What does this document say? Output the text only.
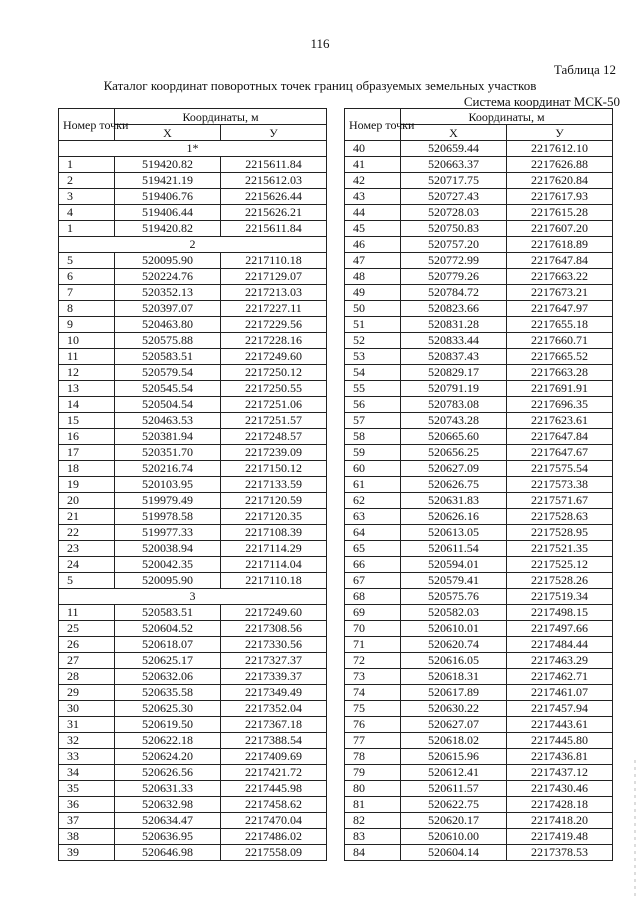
116
Таблица 12
Каталог координат поворотных точек границ образуемых земельных участков
Система координат МСК-50
Номер точки	Координаты, м	
	X	У
1*		
1	519420.82	2215611.84
2	519421.19	2215612.03
3	519406.76	2215626.44
4	519406.44	2215626.21
1	519420.82	2215611.84
2		
5	520095.90	2217110.18
6	520224.76	2217129.07
7	520352.13	2217213.03
8	520397.07	2217227.11
9	520463.80	2217229.56
10	520575.88	2217228.16
11	520583.51	2217249.60
12	520579.54	2217250.12
13	520545.54	2217250.55
14	520504.54	2217251.06
15	520463.53	2217251.57
16	520381.94	2217248.57
17	520351.70	2217239.09
18	520216.74	2217150.12
19	520103.95	2217133.59
20	519979.49	2217120.59
21	519978.58	2217120.35
22	519977.33	2217108.39
23	520038.94	2217114.29
24	520042.35	2217114.04
5	520095.90	2217110.18
3		
11	520583.51	2217249.60
25	520604.52	2217308.56
26	520618.07	2217330.56
27	520625.17	2217327.37
28	520632.06	2217339.37
29	520635.58	2217349.49
30	520625.30	2217352.04
31	520619.50	2217367.18
32	520622.18	2217388.54
33	520624.20	2217409.69
34	520626.56	2217421.72
35	520631.33	2217445.98
36	520632.98	2217458.62
37	520634.47	2217470.04
38	520636.95	2217486.02
39	520646.98	2217558.09
Номер точки	Координаты, м	
	X	У
40	520659.44	2217612.10
41	520663.37	2217626.88
42	520717.75	2217620.84
43	520727.43	2217617.93
44	520728.03	2217615.28
45	520750.83	2217607.20
46	520757.20	2217618.89
47	520772.99	2217647.84
48	520779.26	2217663.22
49	520784.72	2217673.21
50	520823.66	2217647.97
51	520831.28	2217655.18
52	520833.44	2217660.71
53	520837.43	2217665.52
54	520829.17	2217663.28
55	520791.19	2217691.91
56	520783.08	2217696.35
57	520743.28	2217623.61
58	520665.60	2217647.84
59	520656.25	2217647.67
60	520627.09	2217575.54
61	520626.75	2217573.38
62	520631.83	2217571.67
63	520626.16	2217528.63
64	520613.05	2217528.95
65	520611.54	2217521.35
66	520594.01	2217525.12
67	520579.41	2217528.26
68	520575.76	2217519.34
69	520582.03	2217498.15
70	520610.01	2217497.66
71	520620.74	2217484.44
72	520616.05	2217463.29
73	520618.31	2217462.71
74	520617.89	2217461.07
75	520630.22	2217457.94
76	520627.07	2217443.61
77	520618.02	2217445.80
78	520615.96	2217436.81
79	520612.41	2217437.12
80	520611.57	2217430.46
81	520622.75	2217428.18
82	520620.17	2217418.20
83	520610.00	2217419.48
84	520604.14	2217378.53
